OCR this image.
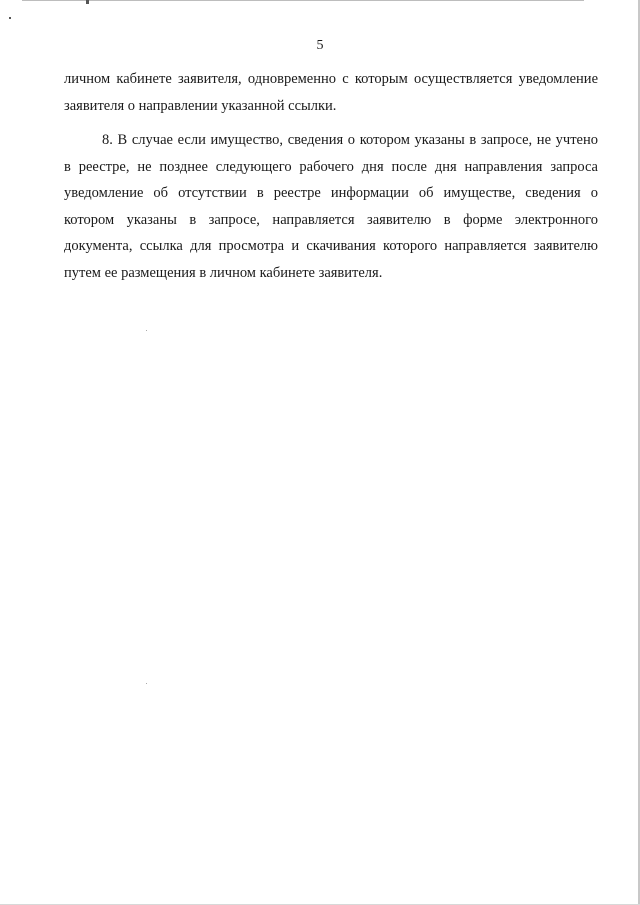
5
личном кабинете заявителя, одновременно с которым осуществляется уведомление
заявителя о направлении указанной ссылки.
8. В случае если имущество, сведения о котором указаны в запросе, не учтено
в реестре, не позднее следующего рабочего дня после дня направления запроса
уведомление об отсутствии в реестре информации об имуществе, сведения о
котором указаны в запросе, направляется заявителю в форме электронного
документа, ссылка для просмотра и скачивания которого направляется заявителю
путем ее размещения в личном кабинете заявителя.
